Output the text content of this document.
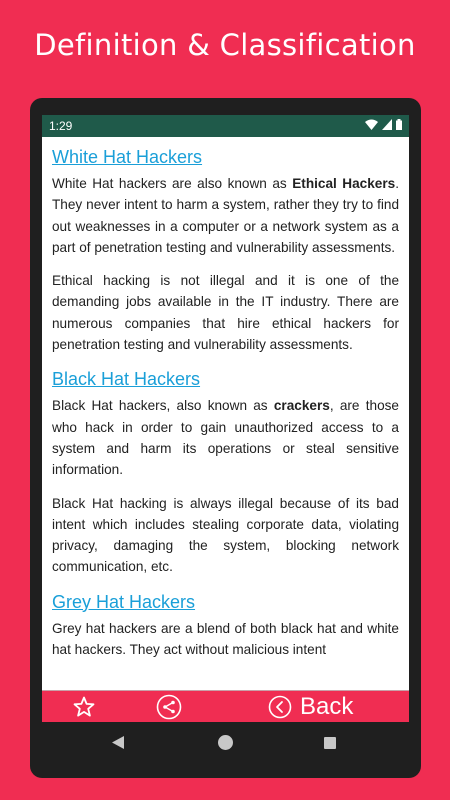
Definition & Classification
1:29
White Hat Hackers

White Hat hackers are also known as Ethical Hackers. They never intent to harm a system, rather they try to find out weaknesses in a computer or a network system as a part of penetration testing and vulnerability assessments.

Ethical hacking is not illegal and it is one of the demanding jobs available in the IT industry. There are numerous companies that hire ethical hackers for penetration testing and vulnerability assessments.

Black Hat Hackers

Black Hat hackers, also known as crackers, are those who hack in order to gain unauthorized access to a system and harm its operations or steal sensitive information.

Black Hat hacking is always illegal because of its bad intent which includes stealing corporate data, violating privacy, damaging the system, blocking network communication, etc.

Grey Hat Hackers

Grey hat hackers are a blend of both black hat and white hat hackers. They act without malicious intent

Back
